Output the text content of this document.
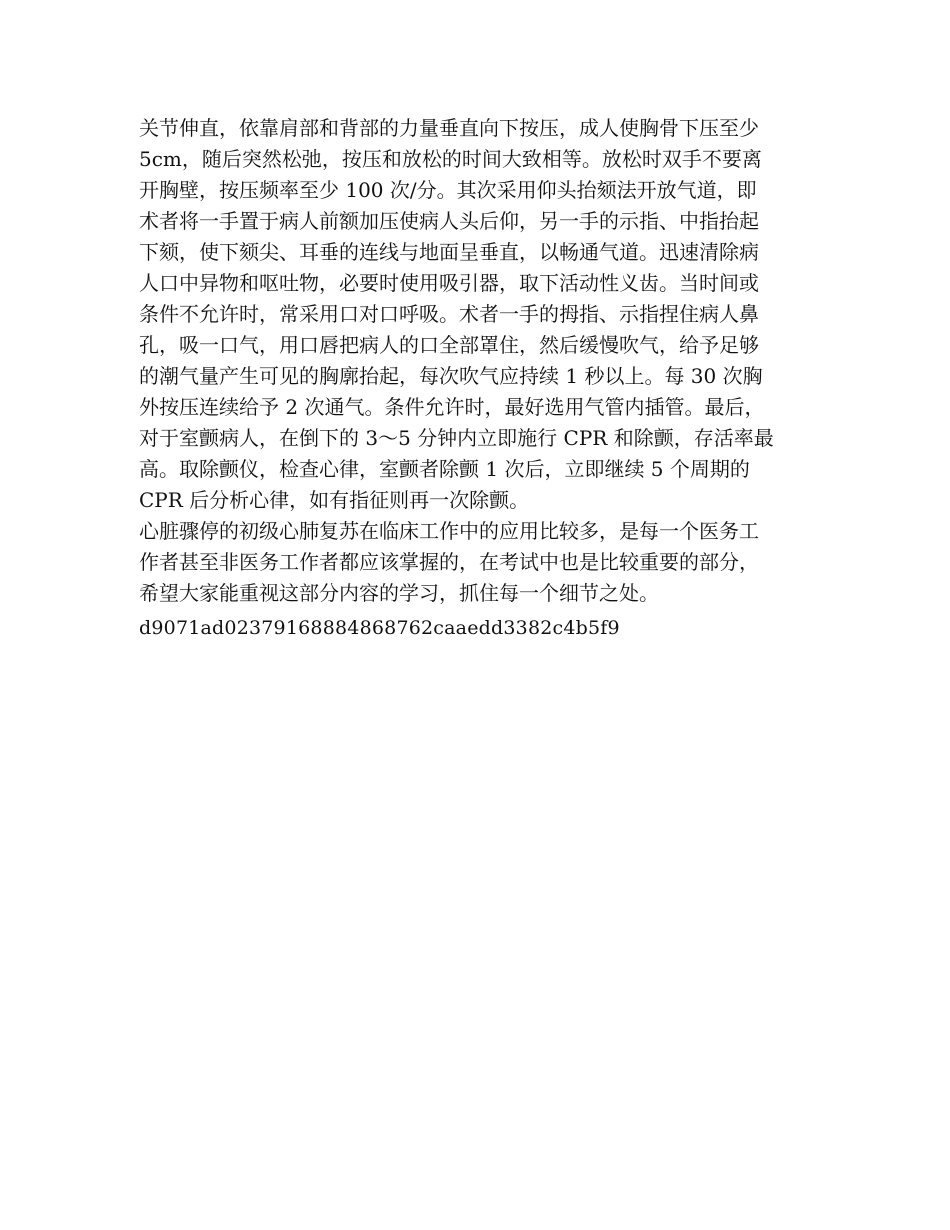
关节伸直，依靠肩部和背部的力量垂直向下按压，成人使胸骨下压至少
5cm，随后突然松弛，按压和放松的时间大致相等。放松时双手不要离
开胸壁，按压频率至少 100 次/分。其次采用仰头抬颏法开放气道，即
术者将一手置于病人前额加压使病人头后仰，另一手的示指、中指抬起
下颏，使下颏尖、耳垂的连线与地面呈垂直，以畅通气道。迅速清除病
人口中异物和呕吐物，必要时使用吸引器，取下活动性义齿。当时间或
条件不允许时，常采用口对口呼吸。术者一手的拇指、示指捏住病人鼻
孔，吸一口气，用口唇把病人的口全部罩住，然后缓慢吹气，给予足够
的潮气量产生可见的胸廓抬起，每次吹气应持续 1 秒以上。每 30 次胸
外按压连续给予 2 次通气。条件允许时，最好选用气管内插管。最后，
对于室颤病人，在倒下的 3～5 分钟内立即施行 CPR 和除颤，存活率最
高。取除颤仪，检查心律，室颤者除颤 1 次后，立即继续 5 个周期的
CPR 后分析心律，如有指征则再一次除颤。
心脏骤停的初级心肺复苏在临床工作中的应用比较多，是每一个医务工
作者甚至非医务工作者都应该掌握的，在考试中也是比较重要的部分，
希望大家能重视这部分内容的学习，抓住每一个细节之处。
d9071ad02379168884868762caaedd3382c4b5f9
